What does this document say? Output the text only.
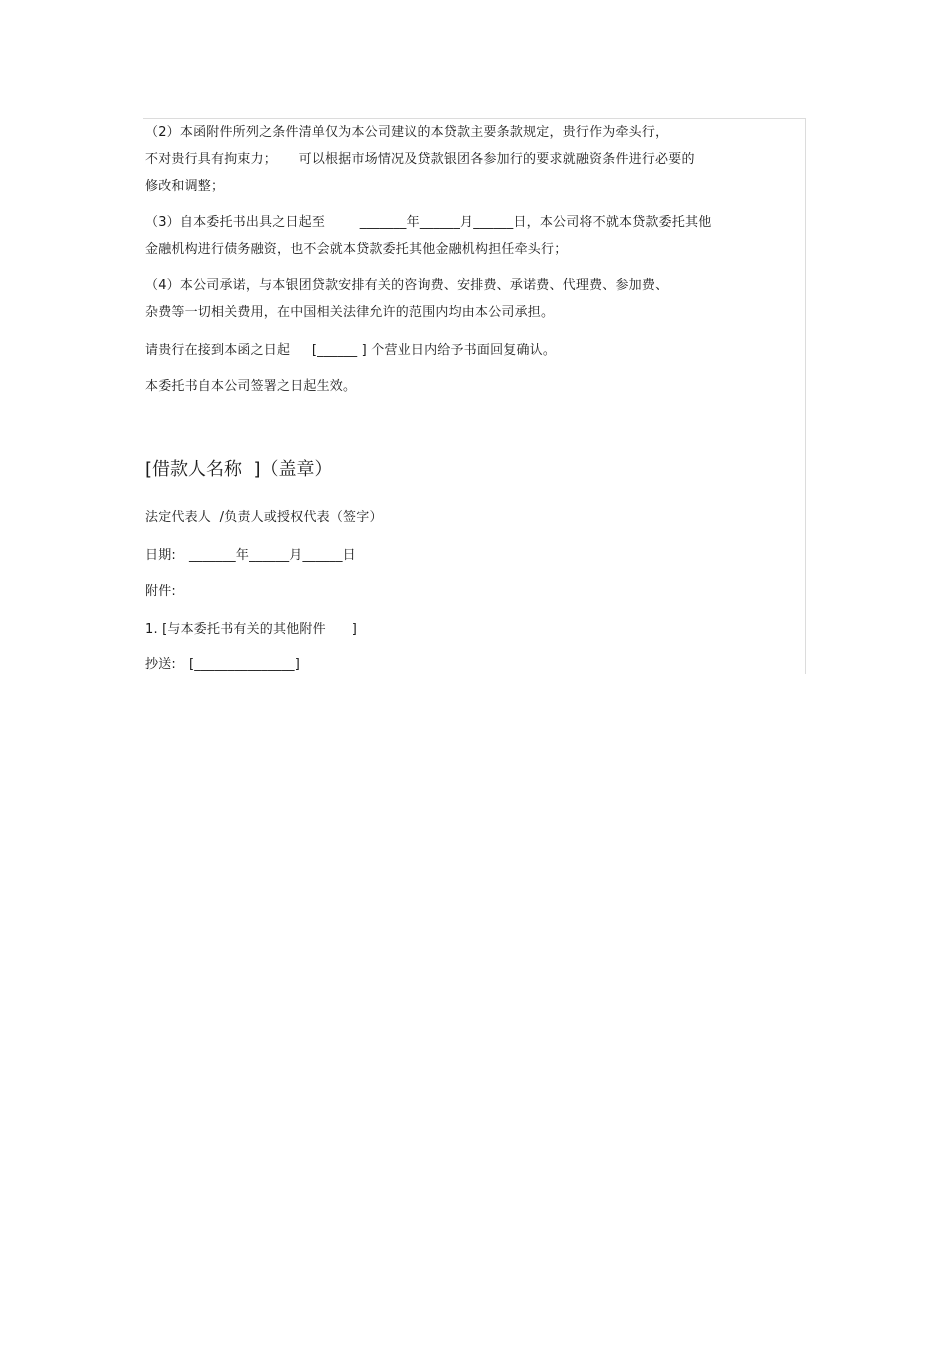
（2）本函附件所列之条件清单仅为本公司建议的本贷款主要条款规定，贵行作为牵头行，
不对贵行具有拘束力；     可以根据市场情况及贷款银团各参加行的要求就融资条件进行必要的
修改和调整；
（3）自本委托书出具之日起至        _______年______月______日，本公司将不就本贷款委托其他
金融机构进行债务融资，也不会就本贷款委托其他金融机构担任牵头行；
（4）本公司承诺，与本银团贷款安排有关的咨询费、安排费、承诺费、代理费、参加费、
杂费等一切相关费用，在中国相关法律允许的范围内均由本公司承担。
请贵行在接到本函之日起     [______ ] 个营业日内给予书面回复确认。
本委托书自本公司签署之日起生效。
[借款人名称  ]（盖章）
法定代表人  /负责人或授权代表（签字）
日期:   _______年______月______日
附件:
1. [与本委托书有关的其他附件      ]
抄送:   [_______________]
